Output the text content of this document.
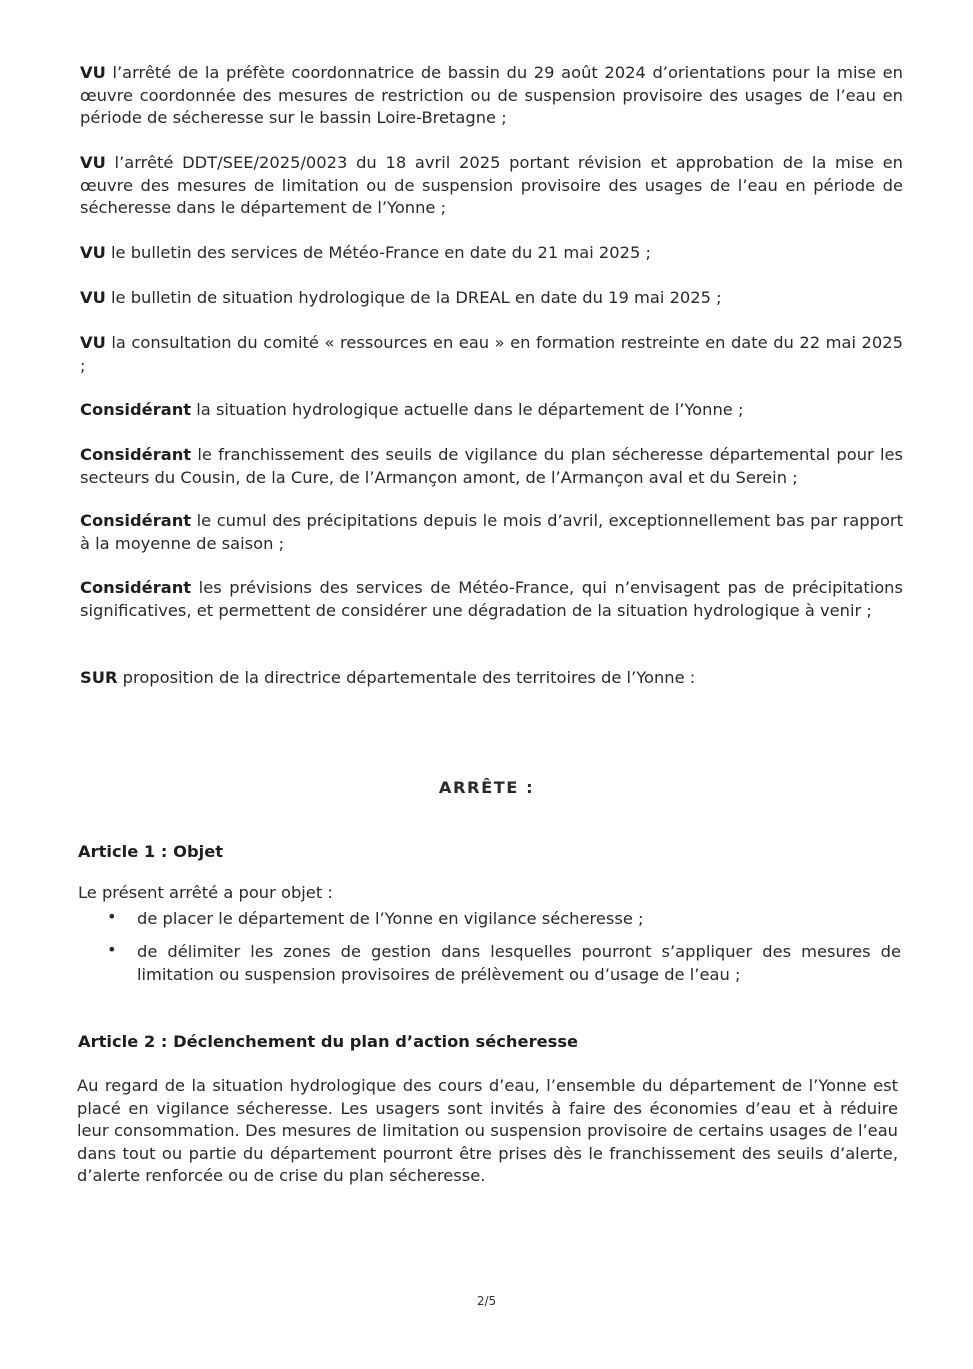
VU l’arrêté de la préfète coordonnatrice de bassin du 29 août 2024 d’orientations pour la mise en œuvre coordonnée des mesures de restriction ou de suspension provisoire des usages de l’eau en période de sécheresse sur le bassin Loire-Bretagne ;

VU l’arrêté DDT/SEE/2025/0023 du 18 avril 2025 portant révision et approbation de la mise en œuvre des mesures de limitation ou de suspension provisoire des usages de l’eau en période de sécheresse dans le département de l’Yonne ;

VU le bulletin des services de Météo-France en date du 21 mai 2025 ;

VU le bulletin de situation hydrologique de la DREAL en date du 19 mai 2025 ;

VU la consultation du comité « ressources en eau » en formation restreinte en date du 22 mai 2025 ;

Considérant la situation hydrologique actuelle dans le département de l’Yonne ;

Considérant le franchissement des seuils de vigilance du plan sécheresse départemental pour les secteurs du Cousin, de la Cure, de l’Armançon amont, de l’Armançon aval et du Serein ;

Considérant le cumul des précipitations depuis le mois d’avril, exceptionnellement bas par rapport à la moyenne de saison ;

Considérant les prévisions des services de Météo-France, qui n’envisagent pas de précipitations significatives, et permettent de considérer une dégradation de la situation hydrologique à venir ;

SUR proposition de la directrice départementale des territoires de l’Yonne :

ARRÊTE :

Article 1 : Objet

Le présent arrêté a pour objet :

• de placer le département de l’Yonne en vigilance sécheresse ;

• de délimiter les zones de gestion dans lesquelles pourront s’appliquer des mesures de limitation ou suspension provisoires de prélèvement ou d’usage de l’eau ;

Article 2 : Déclenchement du plan d’action sécheresse

Au regard de la situation hydrologique des cours d’eau, l’ensemble du département de l’Yonne est placé en vigilance sécheresse. Les usagers sont invités à faire des économies d’eau et à réduire leur consommation. Des mesures de limitation ou suspension provisoire de certains usages de l’eau dans tout ou partie du département pourront être prises dès le franchissement des seuils d’alerte, d’alerte renforcée ou de crise du plan sécheresse.

2/5
